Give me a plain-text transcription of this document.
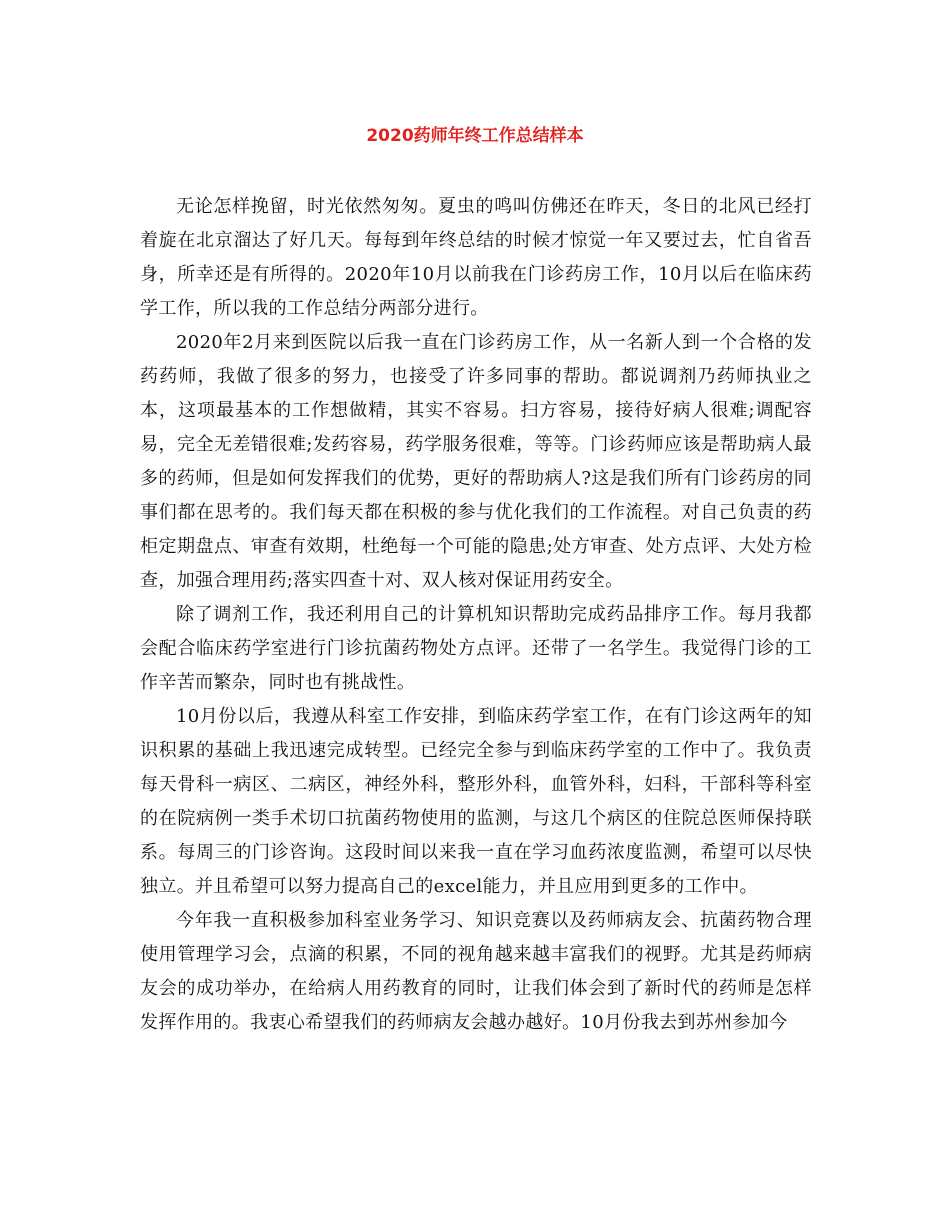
2020药师年终工作总结样本

无论怎样挽留，时光依然匆匆。夏虫的鸣叫仿佛还在昨天，冬日的北风已经打着旋在北京溜达了好几天。每每到年终总结的时候才惊觉一年又要过去，忙自省吾身，所幸还是有所得的。2020年10月以前我在门诊药房工作，10月以后在临床药学工作，所以我的工作总结分两部分进行。

2020年2月来到医院以后我一直在门诊药房工作，从一名新人到一个合格的发药药师，我做了很多的努力，也接受了许多同事的帮助。都说调剂乃药师执业之本，这项最基本的工作想做精，其实不容易。扫方容易，接待好病人很难;调配容易，完全无差错很难;发药容易，药学服务很难，等等。门诊药师应该是帮助病人最多的药师，但是如何发挥我们的优势，更好的帮助病人?这是我们所有门诊药房的同事们都在思考的。我们每天都在积极的参与优化我们的工作流程。对自己负责的药柜定期盘点、审查有效期，杜绝每一个可能的隐患;处方审查、处方点评、大处方检查，加强合理用药;落实四查十对、双人核对保证用药安全。

除了调剂工作，我还利用自己的计算机知识帮助完成药品排序工作。每月我都会配合临床药学室进行门诊抗菌药物处方点评。还带了一名学生。我觉得门诊的工作辛苦而繁杂，同时也有挑战性。

10月份以后，我遵从科室工作安排，到临床药学室工作，在有门诊这两年的知识积累的基础上我迅速完成转型。已经完全参与到临床药学室的工作中了。我负责每天骨科一病区、二病区，神经外科，整形外科，血管外科，妇科，干部科等科室的在院病例一类手术切口抗菌药物使用的监测，与这几个病区的住院总医师保持联系。每周三的门诊咨询。这段时间以来我一直在学习血药浓度监测，希望可以尽快独立。并且希望可以努力提高自己的excel能力，并且应用到更多的工作中。

今年我一直积极参加科室业务学习、知识竞赛以及药师病友会、抗菌药物合理使用管理学习会，点滴的积累，不同的视角越来越丰富我们的视野。尤其是药师病友会的成功举办，在给病人用药教育的同时，让我们体会到了新时代的药师是怎样发挥作用的。我衷心希望我们的药师病友会越办越好。10月份我去到苏州参加今
